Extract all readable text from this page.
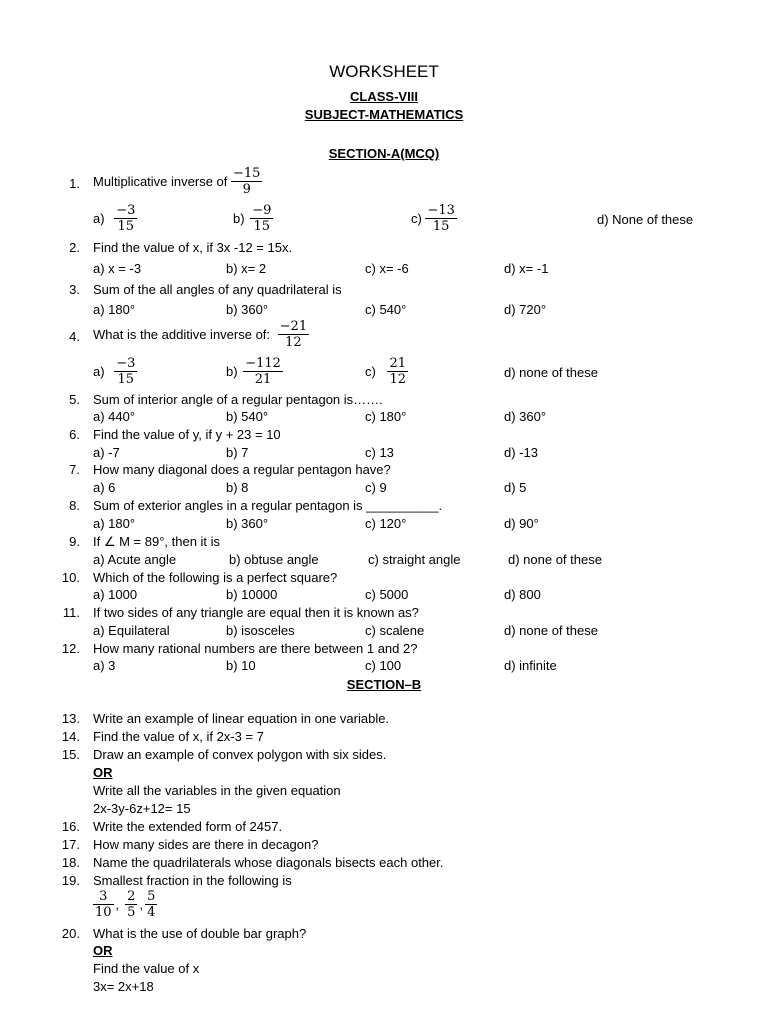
WORKSHEET
CLASS-VIII
SUBJECT-MATHEMATICS
SECTION-A(MCQ)
1. Multiplicative inverse of $\frac{-15}{9}$
$a) \frac{-3}{15}$	$b) \frac{-9}{15}$	$c) \frac{-13}{15}$	d) None of these
2. Find the value of x, if 3x -12 = 15x.
a) x = -3	b) x= 2	c) x= -6	d) x= -1
3. Sum of the all angles of any quadrilateral is
a) 180°	b) 360°	c) 540°	d) 720°
4. What is the additive inverse of: $\frac{-21}{12}$
$a) \frac{-3}{15}$	$b) \frac{-112}{21}$	$c) \frac{21}{12}$	d) none of these
5. Sum of interior angle of a regular pentagon is…….
a) 440°	b) 540°	c) 180°	d) 360°
6. Find the value of y, if y + 23 = 10
a) -7	b) 7	c) 13	d) -13
7. How many diagonal does a regular pentagon have?
a) 6	b) 8	c) 9	d) 5
8. Sum of exterior angles in a regular pentagon is __________.
a) 180°	b) 360°	c) 120°	d) 90°
9. If ∠ M = 89°, then it is
a) Acute angle	b) obtuse angle	c) straight angle	d) none of these
10. Which of the following is a perfect square?
a) 1000	b) 10000	c) 5000	d) 800
11. If two sides of any triangle are equal then it is known as?
a) Equilateral	b) isosceles	c) scalene	d) none of these
12. How many rational numbers are there between 1 and 2?
a) 3	b) 10	c) 100	d) infinite
SECTION–B
13. Write an example of linear equation in one variable.
14. Find the value of x, if 2x-3 = 7
15. Draw an example of convex polygon with six sides.
OR
Write all the variables in the given equation
2x-3y-6z+12= 15
16. Write the extended form of 2457.
17. How many sides are there in decagon?
18. Name the quadrilaterals whose diagonals bisects each other.
19. Smallest fraction in the following is
$\frac{3}{10}$ , $\frac{2}{5}$ , $\frac{5}{4}$
20. What is the use of double bar graph?
OR
Find the value of x
3x= 2x+18
